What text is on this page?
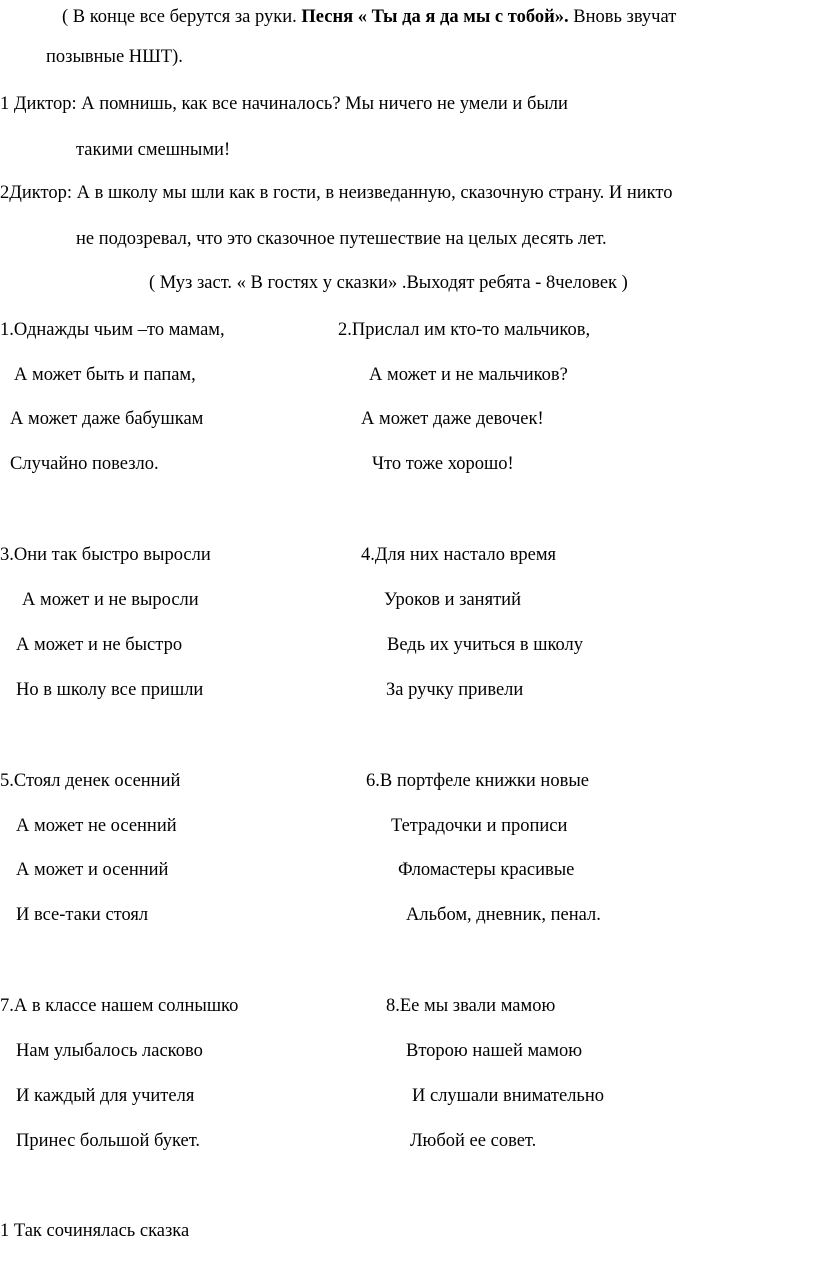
( В конце все берутся за руки. Песня « Ты да я да мы с тобой». Вновь звучат
позывные НШТ).
1 Диктор: А помнишь, как все начиналось? Мы ничего не умели и были
такими смешными!
2Диктор: А в школу мы шли как в гости, в неизведанную, сказочную страну. И никто
не подозревал, что это сказочное путешествие на целых десять лет.
( Муз заст. « В гостях у сказки» .Выходят ребята - 8человек )
1.Однажды чьим –то мамам,
А может быть и папам,
А может даже бабушкам
Случайно повезло.
2.Прислал им кто-то мальчиков,
А может и не мальчиков?
А может даже девочек!
Что тоже хорошо!
3.Они так быстро выросли
А может и не выросли
А может и не быстро
Но в школу все пришли
4.Для них настало время
Уроков и занятий
Ведь их учиться в школу
За ручку привели
5.Стоял денек осенний
А может не осенний
А может и осенний
И все-таки стоял
6.В портфеле книжки новые
Тетрадочки и прописи
Фломастеры красивые
Альбом, дневник, пенал.
7.А в классе нашем солнышко
Нам улыбалось ласково
И каждый для учителя
Принес большой букет.
8.Ее мы звали мамою
Второю нашей мамою
И слушали внимательно
Любой ее совет.
1 Так сочинялась сказка
